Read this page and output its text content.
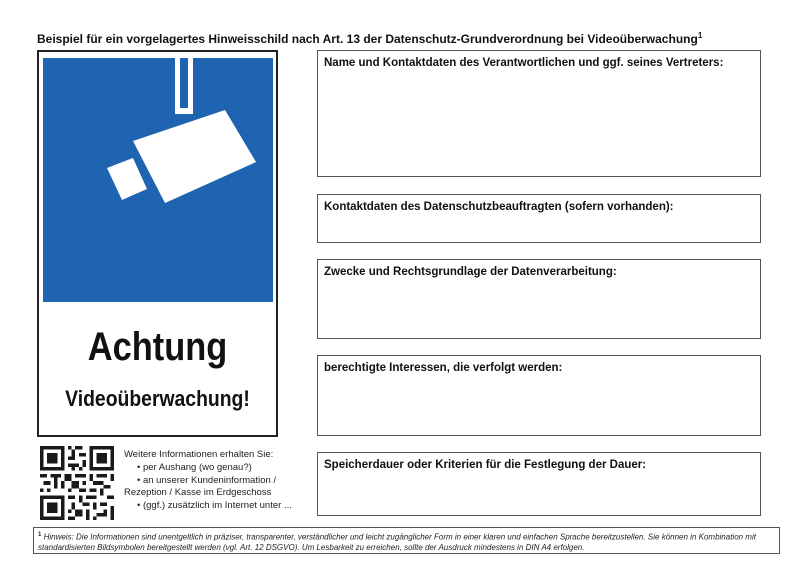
Beispiel für ein vorgelagertes Hinweisschild nach Art. 13 der Datenschutz-Grundverordnung bei Videoüberwachung$^1$
Achtung
Videoüberwachung!
Name und Kontaktdaten des Verantwortlichen und ggf. seines Vertreters:
Kontaktdaten des Datenschutzbeauftragten (sofern vorhanden):
Zwecke und Rechtsgrundlage der Datenverarbeitung:
berechtigte Interessen, die verfolgt werden:
Speicherdauer oder Kriterien für die Festlegung der Dauer:
Weitere Informationen erhalten Sie:
• per Aushang (wo genau?)
• an unserer Kundeninformation /
Rezeption / Kasse im Erdgeschoss
• (ggf.) zusätzlich im Internet unter ...
$^1$ Hinweis: Die Informationen sind unentgeltlich in präziser, transparenter, verständlicher und leicht zugänglicher Form in einer klaren und einfachen Sprache bereitzustellen. Sie können in Kombination mit standardisierten Bildsymbolen bereitgestellt werden (vgl. Art. 12 DSGVO). Um Lesbarkeit zu erreichen, sollte der Ausdruck mindestens in DIN A4 erfolgen.
